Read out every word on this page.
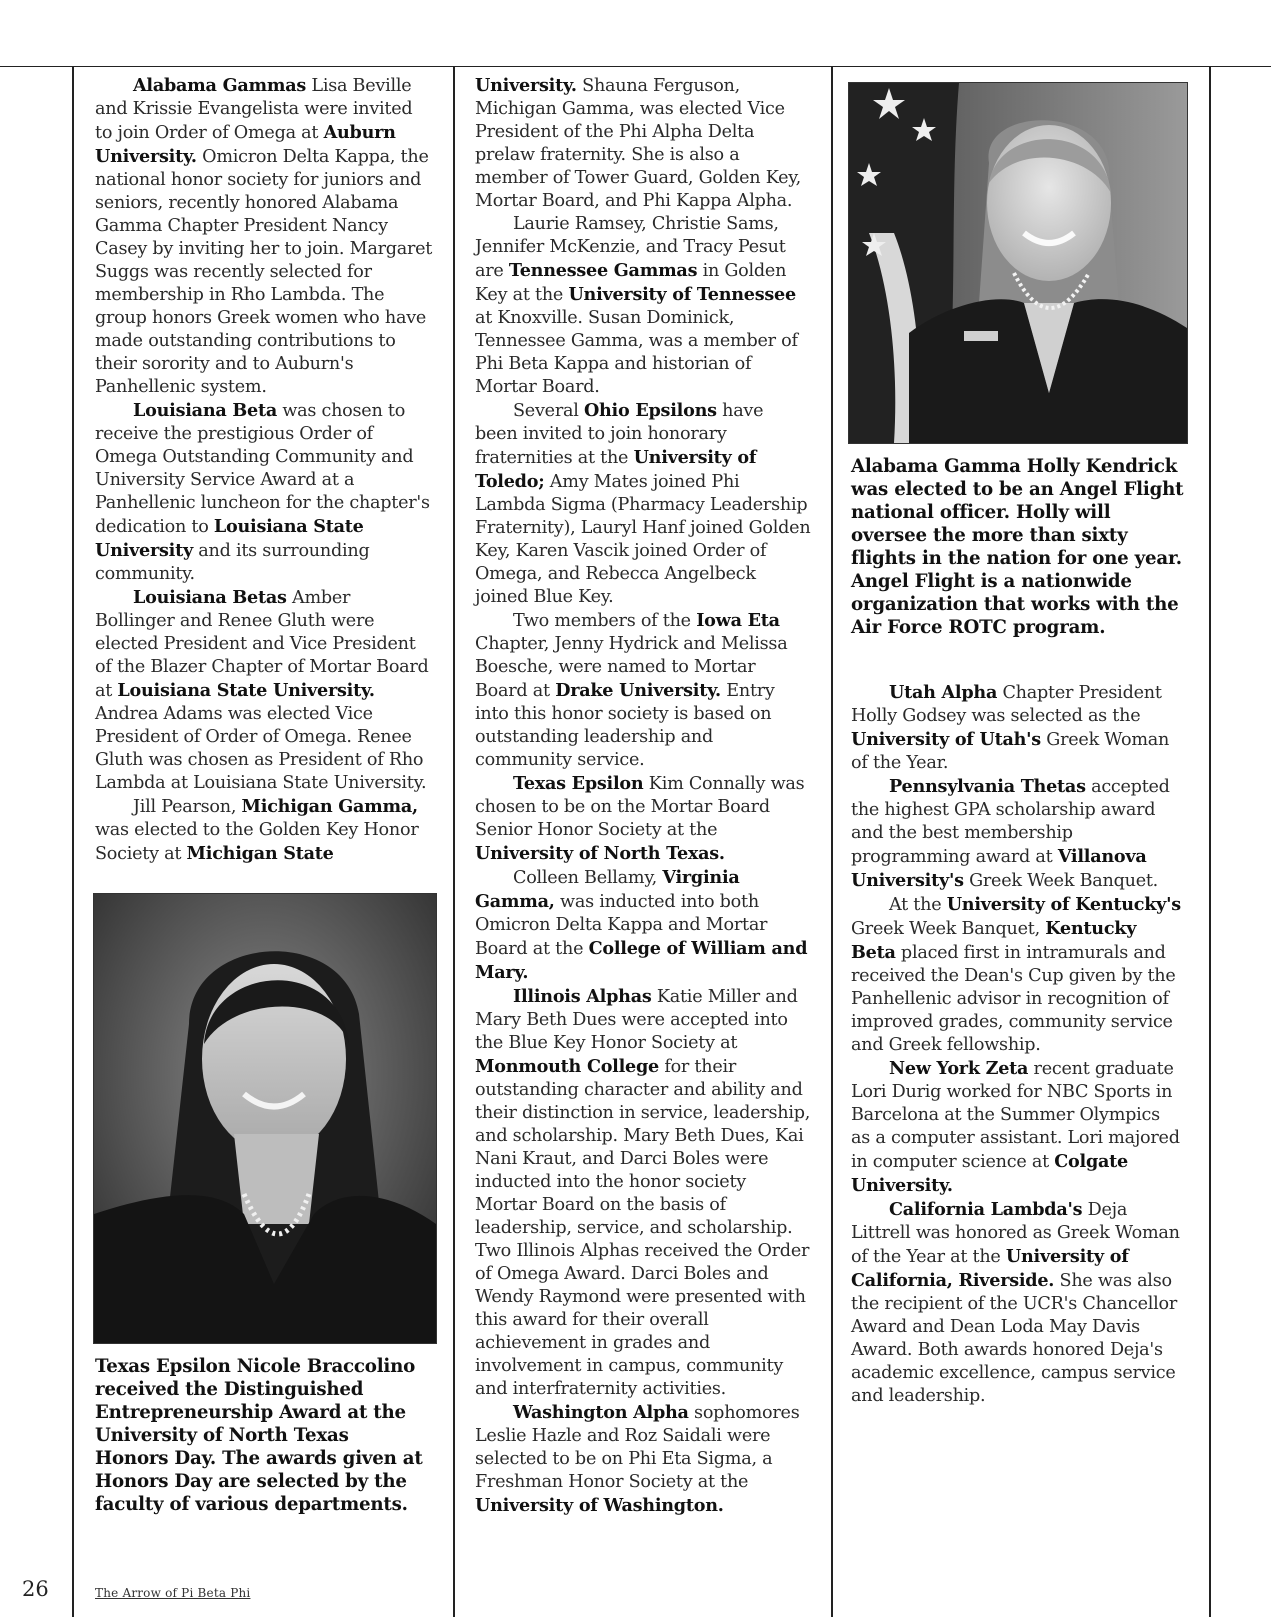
Alabama Gammas Lisa Beville and Krissie Evangelista were invited to join Order of Omega at Auburn University. Omicron Delta Kappa, the national honor society for juniors and seniors, recently honored Alabama Gamma Chapter President Nancy Casey by inviting her to join. Margaret Suggs was recently selected for membership in Rho Lambda. The group honors Greek women who have made outstanding contributions to their sorority and to Auburn's Panhellenic system.

Louisiana Beta was chosen to receive the prestigious Order of Omega Outstanding Community and University Service Award at a Panhellenic luncheon for the chapter's dedication to Louisiana State University and its surrounding community.

Louisiana Betas Amber Bollinger and Renee Gluth were elected President and Vice President of the Blazer Chapter of Mortar Board at Louisiana State University. Andrea Adams was elected Vice President of Order of Omega. Renee Gluth was chosen as President of Rho Lambda at Louisiana State University.

Jill Pearson, Michigan Gamma, was elected to the Golden Key Honor Society at Michigan State

University. Shauna Ferguson, Michigan Gamma, was elected Vice President of the Phi Alpha Delta prelaw fraternity. She is also a member of Tower Guard, Golden Key, Mortar Board, and Phi Kappa Alpha.

Laurie Ramsey, Christie Sams, Jennifer McKenzie, and Tracy Pesut are Tennessee Gammas in Golden Key at the University of Tennessee at Knoxville. Susan Dominick, Tennessee Gamma, was a member of Phi Beta Kappa and historian of Mortar Board.

Several Ohio Epsilons have been invited to join honorary fraternities at the University of Toledo; Amy Mates joined Phi Lambda Sigma (Pharmacy Leadership Fraternity), Lauryl Hanf joined Golden Key, Karen Vascik joined Order of Omega, and Rebecca Angelbeck joined Blue Key.

Two members of the Iowa Eta Chapter, Jenny Hydrick and Melissa Boesche, were named to Mortar Board at Drake University. Entry into this honor society is based on outstanding leadership and community service.

Texas Epsilon Kim Connally was chosen to be on the Mortar Board Senior Honor Society at the University of North Texas.

Colleen Bellamy, Virginia Gamma, was inducted into both Omicron Delta Kappa and Mortar Board at the College of William and Mary.

Illinois Alphas Katie Miller and Mary Beth Dues were accepted into the Blue Key Honor Society at Monmouth College for their outstanding character and ability and their distinction in service, leadership, and scholarship. Mary Beth Dues, Kai Nani Kraut, and Darci Boles were inducted into the honor society Mortar Board on the basis of leadership, service, and scholarship. Two Illinois Alphas received the Order of Omega Award. Darci Boles and Wendy Raymond were presented with this award for their overall achievement in grades and involvement in campus, community and interfraternity activities.

Washington Alpha sophomores Leslie Hazle and Roz Saidali were selected to be on Phi Eta Sigma, a Freshman Honor Society at the University of Washington.

Utah Alpha Chapter President Holly Godsey was selected as the University of Utah's Greek Woman of the Year.

Pennsylvania Thetas accepted the highest GPA scholarship award and the best membership programming award at Villanova University's Greek Week Banquet.

At the University of Kentucky's Greek Week Banquet, Kentucky Beta placed first in intramurals and received the Dean's Cup given by the Panhellenic advisor in recognition of improved grades, community service and Greek fellowship.

New York Zeta recent graduate Lori Durig worked for NBC Sports in Barcelona at the Summer Olympics as a computer assistant. Lori majored in computer science at Colgate University.

California Lambda's Deja Littrell was honored as Greek Woman of the Year at the University of California, Riverside. She was also the recipient of the UCR's Chancellor Award and Dean Loda May Davis Award. Both awards honored Deja's academic excellence, campus service and leadership.

Texas Epsilon Nicole Braccolino received the Distinguished Entrepreneurship Award at the University of North Texas Honors Day. The awards given at Honors Day are selected by the faculty of various departments.
Alabama Gamma Holly Kendrick was elected to be an Angel Flight national officer. Holly will oversee the more than sixty flights in the nation for one year. Angel Flight is a nationwide organization that works with the Air Force ROTC program.
26	The Arrow of Pi Beta Phi
